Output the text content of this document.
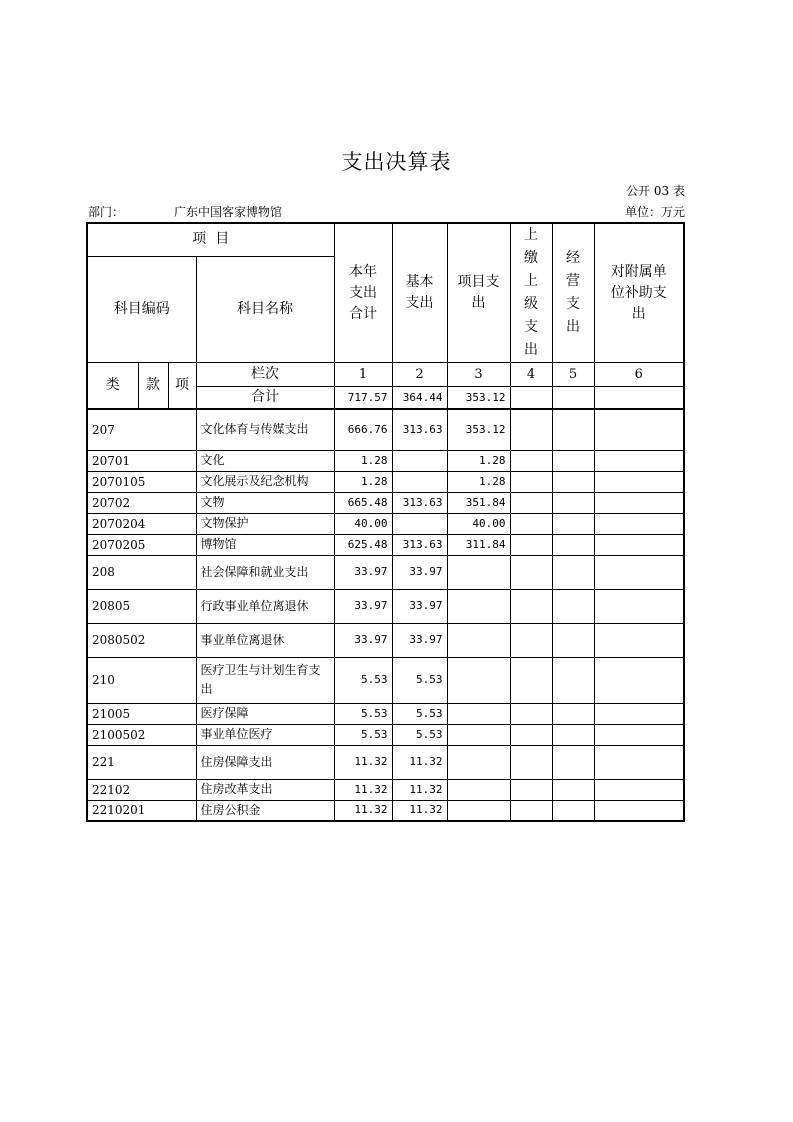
支出决算表
公开 03 表
部门：	广东中国客家博物馆	单位：万元
项  目				本年支出合计	基本支出	项目支出	上缴上级支出	经营支出	对附属单位补助支出
科目编码			科目名称						
类	款	项	栏次	1	2	3	4	5	6
			合计	717.57	364.44	353.12			
207			文化体育与传媒支出	666.76	313.63	353.12			
20701			文化	1.28		1.28			
2070105			文化展示及纪念机构	1.28		1.28			
20702			文物	665.48	313.63	351.84			
2070204			文物保护	40.00		40.00			
2070205			博物馆	625.48	313.63	311.84			
208			社会保障和就业支出	33.97	33.97				
20805			行政事业单位离退休	33.97	33.97				
2080502			事业单位离退休	33.97	33.97				
210			医疗卫生与计划生育支出	5.53	5.53				
21005			医疗保障	5.53	5.53				
2100502			事业单位医疗	5.53	5.53				
221			住房保障支出	11.32	11.32				
22102			住房改革支出	11.32	11.32				
2210201			住房公积金	11.32	11.32				
